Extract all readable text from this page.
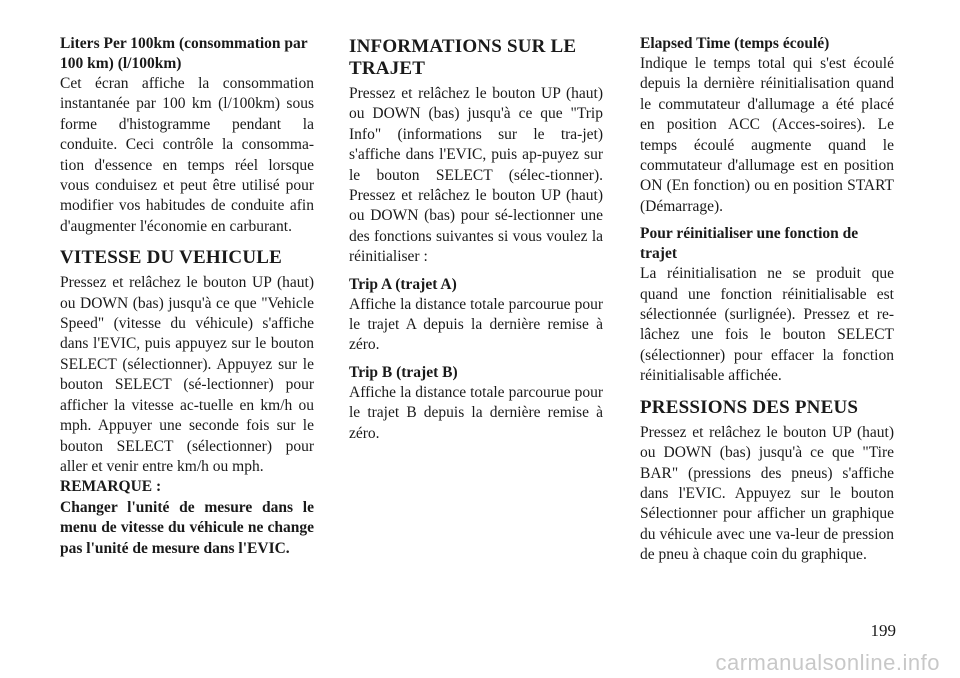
Liters Per 100km (consommation par 100 km) (l/100km)

Cet écran affiche la consommation instantanée par 100 km (l/100km) sous forme d'histogramme pendant la conduite. Ceci contrôle la consomma-tion d'essence en temps réel lorsque vous conduisez et peut être utilisé pour modifier vos habitudes de conduite afin d'augmenter l'économie en carburant.

VITESSE DU VEHICULE

Pressez et relâchez le bouton UP (haut) ou DOWN (bas) jusqu'à ce que "Vehicle Speed" (vitesse du véhicule) s'affiche dans l'EVIC, puis appuyez sur le bouton SELECT (sélectionner). Appuyez sur le bouton SELECT (sé-lectionner) pour afficher la vitesse ac-tuelle en km/h ou mph. Appuyer une seconde fois sur le bouton SELECT (sélectionner) pour aller et venir entre km/h ou mph.

REMARQUE :

Changer l'unité de mesure dans le menu de vitesse du véhicule ne change pas l'unité de mesure dans l'EVIC.

INFORMATIONS SUR LE TRAJET

Pressez et relâchez le bouton UP (haut) ou DOWN (bas) jusqu'à ce que "Trip Info" (informations sur le tra-jet) s'affiche dans l'EVIC, puis ap-puyez sur le bouton SELECT (sélec-tionner). Pressez et relâchez le bouton UP (haut) ou DOWN (bas) pour sé-lectionner une des fonctions suivantes si vous voulez la réinitialiser :

Trip A (trajet A)

Affiche la distance totale parcourue pour le trajet A depuis la dernière remise à zéro.

Trip B (trajet B)

Affiche la distance totale parcourue pour le trajet B depuis la dernière remise à zéro.

Elapsed Time (temps écoulé)

Indique le temps total qui s'est écoulé depuis la dernière réinitialisation quand le commutateur d'allumage a été placé en position ACC (Acces-soires). Le temps écoulé augmente quand le commutateur d'allumage est en position ON (En fonction) ou en position START (Démarrage).

Pour réinitialiser une fonction de trajet

La réinitialisation ne se produit que quand une fonction réinitialisable est sélectionnée (surlignée). Pressez et re-lâchez une fois le bouton SELECT (sélectionner) pour effacer la fonction réinitialisable affichée.

PRESSIONS DES PNEUS

Pressez et relâchez le bouton UP (haut) ou DOWN (bas) jusqu'à ce que "Tire BAR" (pressions des pneus) s'affiche dans l'EVIC. Appuyez sur le bouton Sélectionner pour afficher un graphique du véhicule avec une va-leur de pression de pneu à chaque coin du graphique.

199
carmanualsonline.info
